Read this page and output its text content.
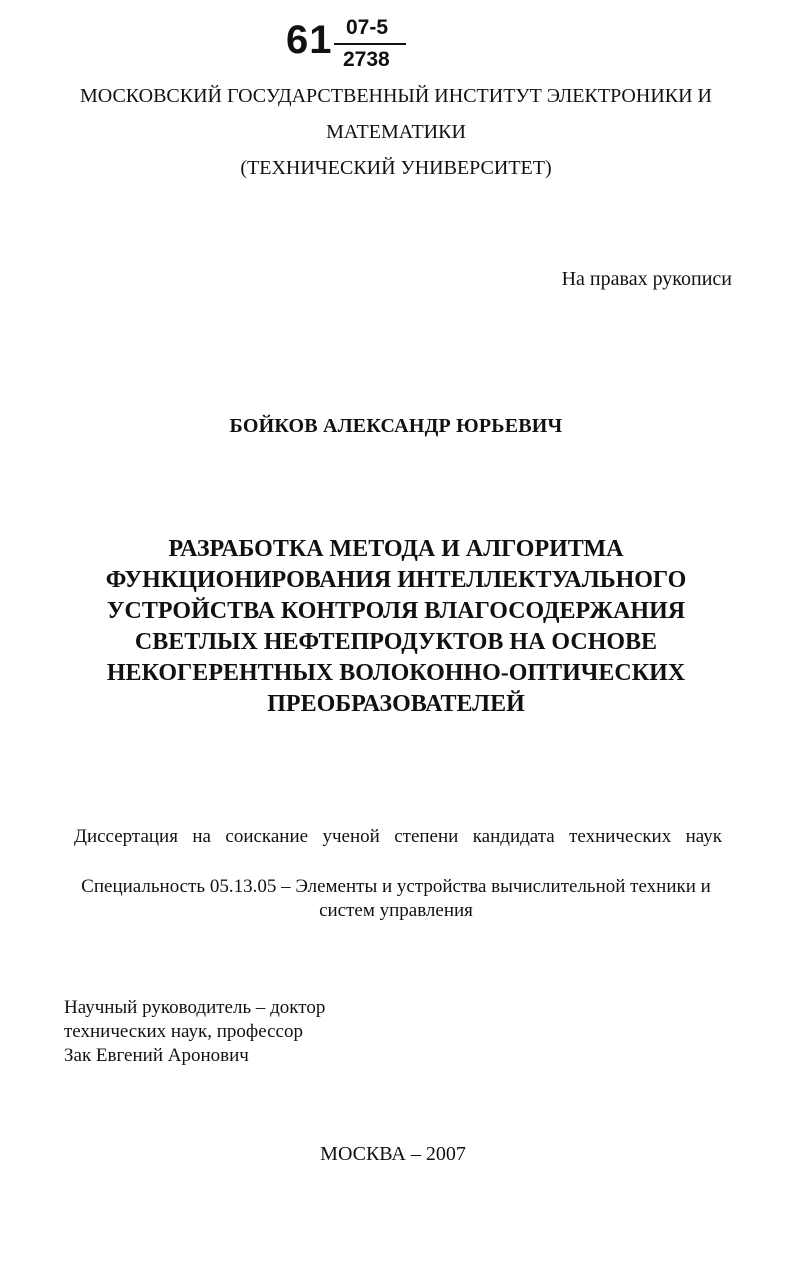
61 07-5
2738
МОСКОВСКИЙ ГОСУДАРСТВЕННЫЙ ИНСТИТУТ ЭЛЕКТРОНИКИ И
МАТЕМАТИКИ
(ТЕХНИЧЕСКИЙ УНИВЕРСИТЕТ)
На правах рукописи
БОЙКОВ АЛЕКСАНДР ЮРЬЕВИЧ
РАЗРАБОТКА МЕТОДА И АЛГОРИТМА
ФУНКЦИОНИРОВАНИЯ ИНТЕЛЛЕКТУАЛЬНОГО
УСТРОЙСТВА КОНТРОЛЯ ВЛАГОСОДЕРЖАНИЯ
СВЕТЛЫХ НЕФТЕПРОДУКТОВ НА ОСНОВЕ
НЕКОГЕРЕНТНЫХ ВОЛОКОННО-ОПТИЧЕСКИХ
ПРЕОБРАЗОВАТЕЛЕЙ
Диссертация на соискание ученой степени кандидата технических наук
Специальность 05.13.05 – Элементы и устройства вычислительной техники и
систем управления
Научный руководитель – доктор
технических наук, профессор
Зак Евгений Аронович
МОСКВА – 2007
